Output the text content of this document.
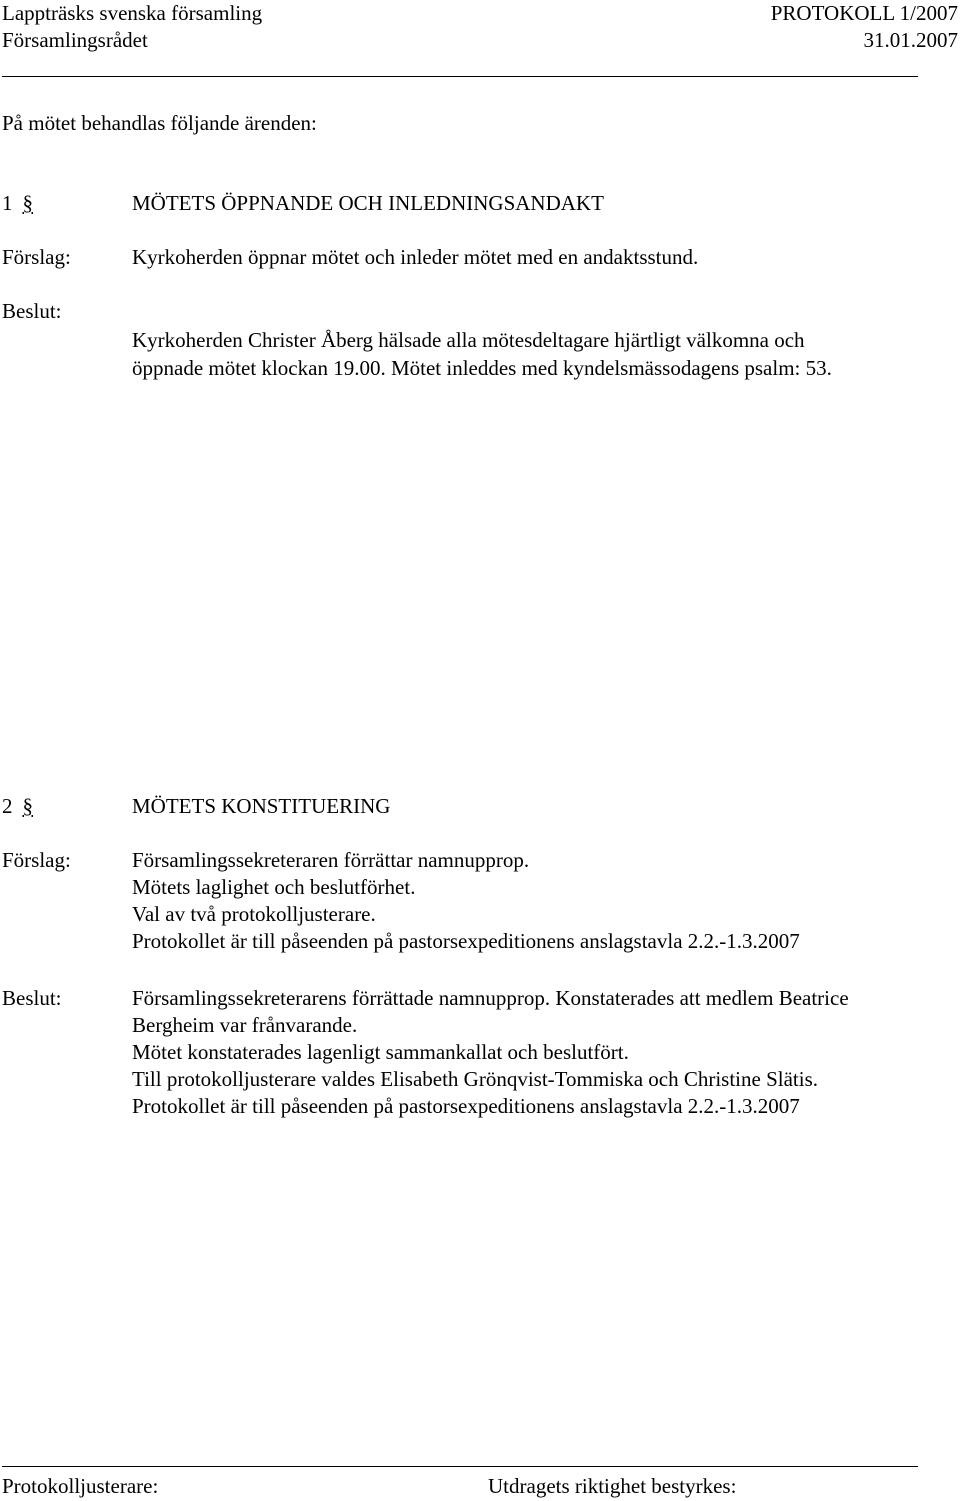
Lappträsks svenska församling	PROTOKOLL 1/2007
Församlingsrådet	31.01.2007
På mötet behandlas följande ärenden:
1 §	MÖTETS ÖPPNANDE OCH INLEDNINGSANDAKT
Förslag:	Kyrkoherden öppnar mötet och inleder mötet med en andaktsstund.
Beslut:
Kyrkoherden Christer Åberg hälsade alla mötesdeltagare hjärtligt välkomna och
öppnade mötet klockan 19.00. Mötet inleddes med kyndelsmässodagens psalm: 53.
2 §	MÖTETS KONSTITUERING
Förslag:	Församlingssekreteraren förrättar namnupprop.
Mötets laglighet och beslutförhet.
Val av två protokolljusterare.
Protokollet är till påseenden på pastorsexpeditionens anslagstavla 2.2.-1.3.2007
Beslut:	Församlingssekreterarens förrättade namnupprop. Konstaterades att medlem Beatrice
Bergheim var frånvarande.
Mötet konstaterades lagenligt sammankallat och beslutfört.
Till protokolljusterare valdes Elisabeth Grönqvist-Tommiska och Christine Slätis.
Protokollet är till påseenden på pastorsexpeditionens anslagstavla 2.2.-1.3.2007
Protokolljusterare:	Utdragets riktighet bestyrkes:
